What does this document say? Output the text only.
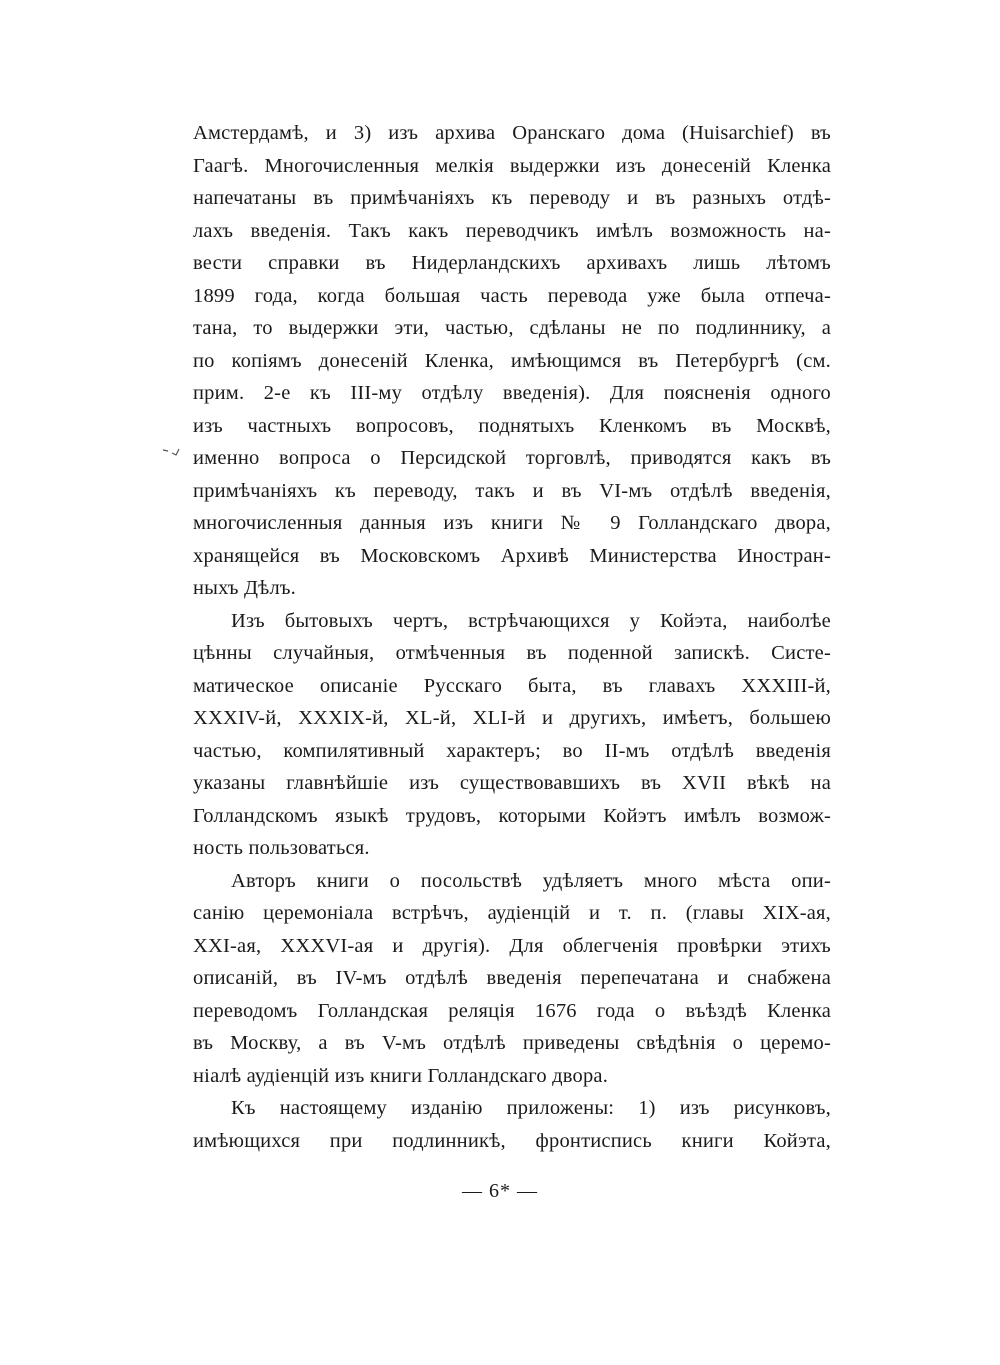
Амстердамѣ, и 3) изъ архива Оранскаго дома (Huisarchief) въ
Гаагѣ. Многочисленныя мелкія выдержки изъ донесеній Кленка
напечатаны въ примѣчаніяхъ къ переводу и въ разныхъ отдѣ-
лахъ введенія. Такъ какъ переводчикъ имѣлъ возможность на-
вести справки въ Нидерландскихъ архивахъ лишь лѣтомъ
1899 года, когда большая часть перевода уже была отпеча-
тана, то выдержки эти, частью, сдѣланы не по подлиннику, а
по копіямъ донесеній Кленка, имѣющимся въ Петербургѣ (см.
прим. 2-е къ III-му отдѣлу введенія). Для поясненія одного
изъ частныхъ вопросовъ, поднятыхъ Кленкомъ въ Москвѣ,
именно вопроса о Персидской торговлѣ, приводятся какъ въ
примѣчаніяхъ къ переводу, такъ и въ VI-мъ отдѣлѣ введенія,
многочисленныя данныя изъ книги № 9 Голландскаго двора,
хранящейся въ Московскомъ Архивѣ Министерства Иностран-
ныхъ Дѣлъ.
Изъ бытовыхъ чертъ, встрѣчающихся у Койэта, наиболѣе
цѣнны случайныя, отмѣченныя въ поденной запискѣ. Систе-
матическое описаніе Русскаго быта, въ главахъ XXXIII-й,
XXXIV-й, XXXIX-й, XL-й, XLI-й и другихъ, имѣетъ, большею
частью, компилятивный характеръ; во II-мъ отдѣлѣ введенія
указаны главнѣйшіе изъ существовавшихъ въ XVII вѣкѣ на
Голландскомъ языкѣ трудовъ, которыми Койэтъ имѣлъ возмож-
ность пользоваться.
Авторъ книги о посольствѣ удѣляетъ много мѣста опи-
санію церемоніала встрѣчъ, аудіенцій и т. п. (главы XIX-ая,
XXI-ая, XXXVI-ая и другія). Для облегченія провѣрки этихъ
описаній, въ IV-мъ отдѣлѣ введенія перепечатана и снабжена
переводомъ Голландская реляція 1676 года о въѣздѣ Кленка
въ Москву, а въ V-мъ отдѣлѣ приведены свѣдѣнія о церемо-
ніалѣ аудіенцій изъ книги Голландскаго двора.
Къ настоящему изданію приложены: 1) изъ рисунковъ,
имѣющихся при подлинникѣ, фронтиспись книги Койэта,
— 6* —
